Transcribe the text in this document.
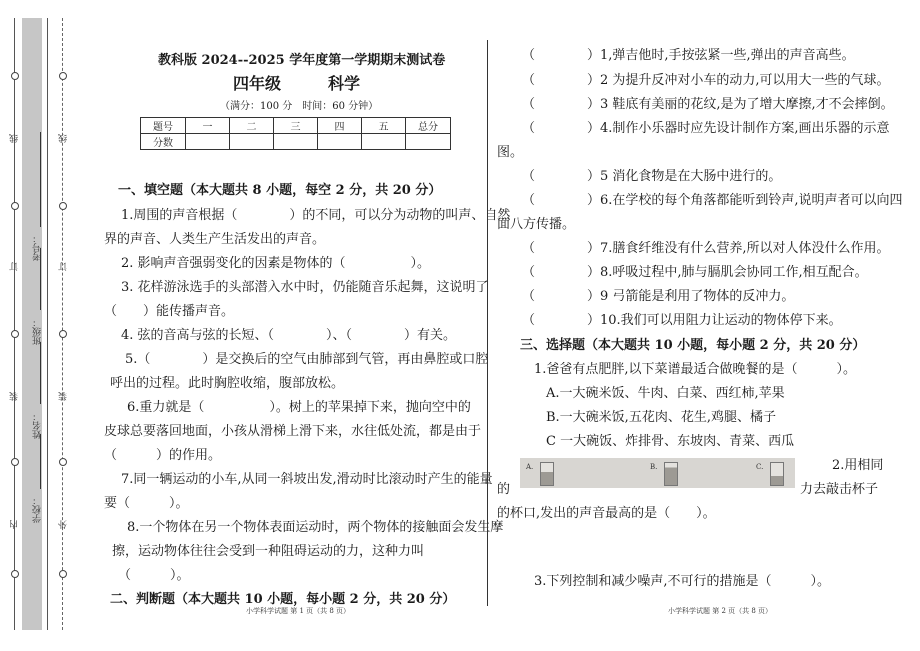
线
订
装
内
线
订
装
外
考号：
班级：
姓名：
学校：
教科版 2024--2025 学年度第一学期期末测试卷
四年级	科学
（满分：100 分　时间：60 分钟）
题号	一	二	三	四	五	总分
分数						
一、填空题（本大题共 8 小题，每空 2 分，共 20 分）
1.周围的声音根据（　　　　）的不同，可以分为动物的叫声、自然
界的声音、人类生产生活发出的声音。
2. 影响声音强弱变化的因素是物体的（　　　　　）。
3. 花样游泳选手的头部潜入水中时，仍能随音乐起舞，这说明了
（　　）能传播声音。
4. 弦的音高与弦的长短、（　　　　）、（　　　　）有关。
5.（　　　　）是交换后的空气由肺部到气管，再由鼻腔或口腔
呼出的过程。此时胸腔收缩，腹部放松。
6.重力就是（　　　　　）。树上的苹果掉下来，抛向空中的
皮球总要落回地面，小孩从滑梯上滑下来，水往低处流，都是由于
（　　　）的作用。
7.同一辆运动的小车,从同一斜坡出发,滑动时比滚动时产生的能量
要（　　　）。
8.一个物体在另一个物体表面运动时，两个物体的接触面会发生摩
擦，运动物体往往会受到一种阻碍运动的力，这种力叫
（　　　）。
二、判断题（本大题共 10 小题，每小题 2 分，共 20 分）
小学科学试题 第 1 页（共 8 页）
（　　　　）1,弹吉他时,手按弦紧一些,弹出的声音高些。
（　　　　）2 为提升反冲对小车的动力,可以用大一些的气球。
（　　　　）3 鞋底有美丽的花纹,是为了增大摩擦,才不会摔倒。
（　　　　）4.制作小乐器时应先设计制作方案,画出乐器的示意
图。
（　　　　）5 消化食物是在大肠中进行的。
（　　　　）6.在学校的每个角落都能听到铃声,说明声者可以向四
面八方传播。
（　　　　）7.膳食纤维没有什么营养,所以对人体没什么作用。
（　　　　）8.呼吸过程中,肺与膈肌会协同工作,相互配合。
（　　　　）9 弓箭能是利用了物体的反冲力。
（　　　　）10.我们可以用阻力让运动的物体停下来。
三、选择题（本大题共 10 小题，每小题 2 分，共 20 分）
1.爸爸有点肥胖,以下菜谱最适合做晚餐的是（　　　）。
A.一大碗米饭、牛肉、白菜、西红柿,苹果
B.一大碗米饭,五花肉、花生,鸡腿、橘子
C 一大碗饭、炸排骨、东坡肉、青菜、西瓜
A.	B.	C.	2.用相同
的	力去敲击杯子
的杯口,发出的声音最高的是（　　）。
3.下列控制和减少噪声,不可行的措施是（　　　）。
小学科学试题 第 2 页（共 8 页）
